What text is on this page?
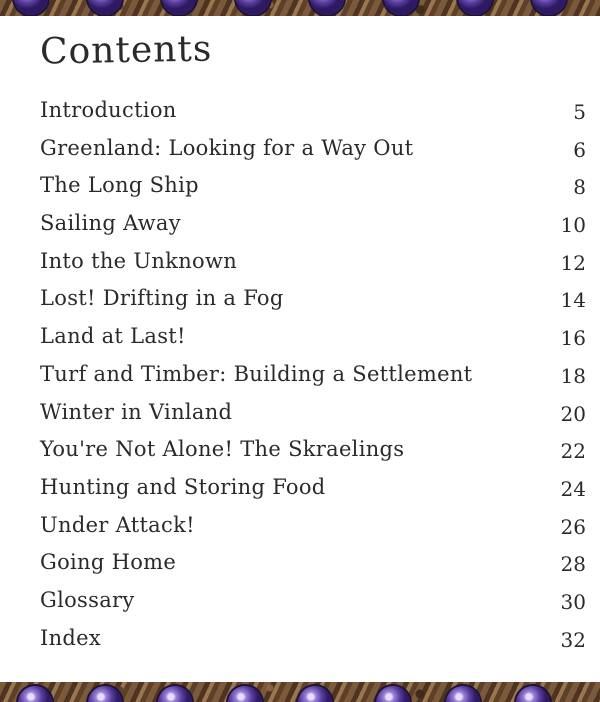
Contents
Introduction	5
Greenland: Looking for a Way Out	6
The Long Ship	8
Sailing Away	10
Into the Unknown	12
Lost! Drifting in a Fog	14
Land at Last!	16
Turf and Timber: Building a Settlement	18
Winter in Vinland	20
You're Not Alone! The Skraelings	22
Hunting and Storing Food	24
Under Attack!	26
Going Home	28
Glossary	30
Index	32
